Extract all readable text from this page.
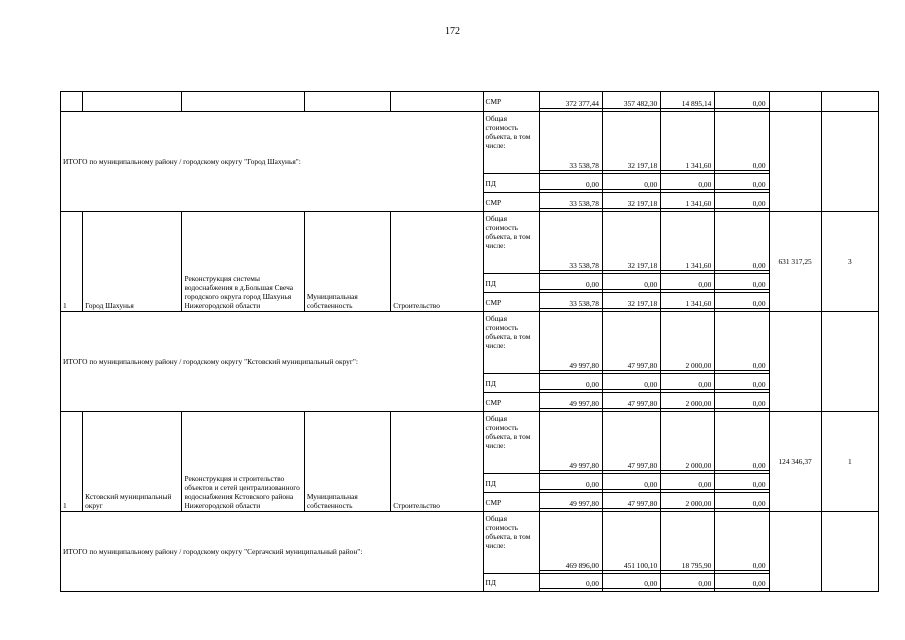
172
					СМР	372 377,44	357 482,30	14 895,14	0,00		

ИТОГО по муниципальному району / городскому округу "Город Шахунья":					Общая стоимость объекта, в том числе:	33 538,78	32 197,18	1 341,60	0,00		

					ПД	0,00	0,00	0,00	0,00		

					СМР	33 538,78	32 197,18	1 341,60	0,00		

1	Город Шахунья	Реконструкция системы водоснабжения в д.Большая Свеча городского округа город Шахунья Нижегородской области	Муниципальная собственность	Строительство	Общая стоимость объекта, в том числе:	33 538,78	32 197,18	1 341,60	0,00	631 317,25	3
					ПД	0,00	0,00	0,00	0,00		

					СМР	33 538,78	32 197,18	1 341,60	0,00		

ИТОГО по муниципальному району / городскому округу "Кстовский муниципальный округ":					Общая стоимость объекта, в том числе:	49 997,80	47 997,80	2 000,00	0,00		

					ПД	0,00	0,00	0,00	0,00		

					СМР	49 997,80	47 997,80	2 000,00	0,00		

1	Кстовский муниципальный округ	Реконструкция и строительство объектов и сетей централизованного водоснабжения Кстовского района Нижегородской области	Муниципальная собственность	Строительство	Общая стоимость объекта, в том числе:	49 997,80	47 997,80	2 000,00	0,00	124 346,37	1
					ПД	0,00	0,00	0,00	0,00		

					СМР	49 997,80	47 997,80	2 000,00	0,00		

ИТОГО по муниципальному району / городскому округу "Сергачский муниципальный район":					Общая стоимость объекта, в том числе:	469 896,00	451 100,10	18 795,90	0,00		

					ПД	0,00	0,00	0,00	0,00		
